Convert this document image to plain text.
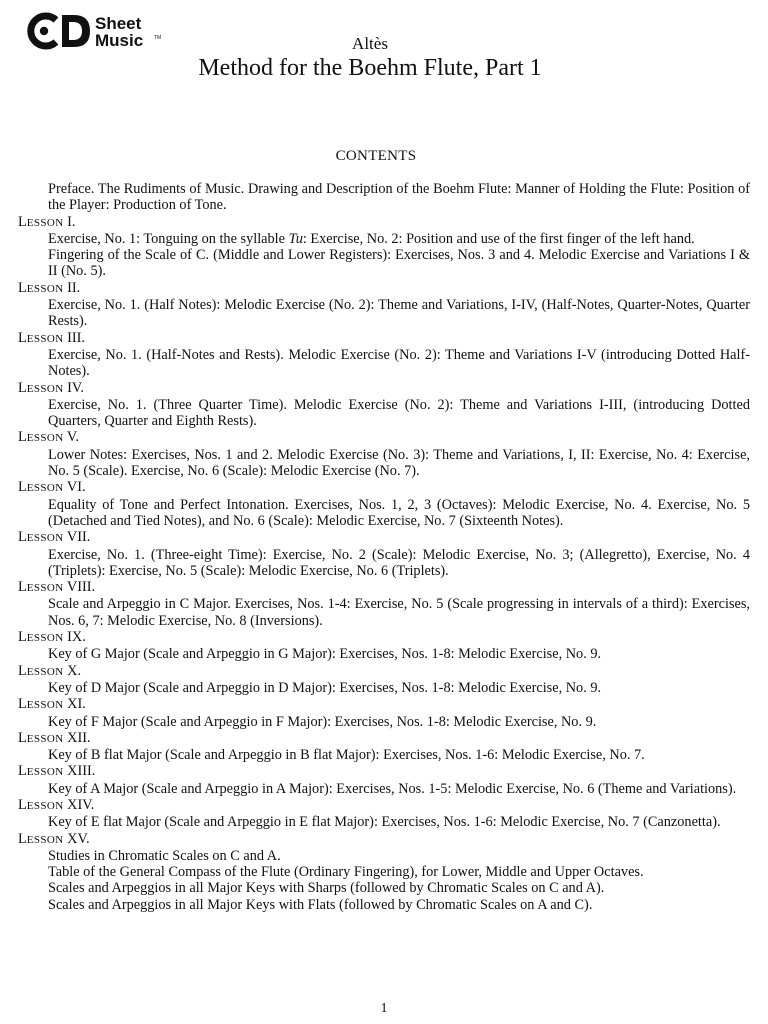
Sheet
Music TM	Altès
Method for the Boehm Flute, Part 1
CONTENTS
Preface. The Rudiments of Music. Drawing and Description of the Boehm Flute: Manner of Holding the Flute: Position of the Player: Production of Tone.
LESSON I.
Exercise, No. 1: Tonguing on the syllable Tu: Exercise, No. 2: Position and use of the first finger of the left hand.
Fingering of the Scale of C. (Middle and Lower Registers): Exercises, Nos. 3 and 4. Melodic Exercise and Variations I & II (No. 5).
LESSON II.
Exercise, No. 1. (Half Notes): Melodic Exercise (No. 2): Theme and Variations, I-IV, (Half-Notes, Quarter-Notes, Quarter Rests).
LESSON III.
Exercise, No. 1. (Half-Notes and Rests). Melodic Exercise (No. 2): Theme and Variations I-V (introducing Dotted Half-Notes).
LESSON IV.
Exercise, No. 1. (Three Quarter Time). Melodic Exercise (No. 2): Theme and Variations I-III, (introducing Dotted Quarters, Quarter and Eighth Rests).
LESSON V.
Lower Notes: Exercises, Nos. 1 and 2. Melodic Exercise (No. 3): Theme and Variations, I, II: Exercise, No. 4: Exercise, No. 5 (Scale). Exercise, No. 6 (Scale): Melodic Exercise (No. 7).
LESSON VI.
Equality of Tone and Perfect Intonation. Exercises, Nos. 1, 2, 3 (Octaves): Melodic Exercise, No. 4. Exercise, No. 5 (Detached and Tied Notes), and No. 6 (Scale): Melodic Exercise, No. 7 (Sixteenth Notes).
LESSON VII.
Exercise, No. 1. (Three-eight Time): Exercise, No. 2 (Scale): Melodic Exercise, No. 3; (Allegretto), Exercise, No. 4 (Triplets): Exercise, No. 5 (Scale): Melodic Exercise, No. 6 (Triplets).
LESSON VIII.
Scale and Arpeggio in C Major. Exercises, Nos. 1-4: Exercise, No. 5 (Scale progressing in intervals of a third): Exercises, Nos. 6, 7: Melodic Exercise, No. 8 (Inversions).
LESSON IX.
Key of G Major (Scale and Arpeggio in G Major): Exercises, Nos. 1-8: Melodic Exercise, No. 9.
LESSON X.
Key of D Major (Scale and Arpeggio in D Major): Exercises, Nos. 1-8: Melodic Exercise, No. 9.
LESSON XI.
Key of F Major (Scale and Arpeggio in F Major): Exercises, Nos. 1-8: Melodic Exercise, No. 9.
LESSON XII.
Key of B flat Major (Scale and Arpeggio in B flat Major): Exercises, Nos. 1-6: Melodic Exercise, No. 7.
LESSON XIII.
Key of A Major (Scale and Arpeggio in A Major): Exercises, Nos. 1-5: Melodic Exercise, No. 6 (Theme and Variations).
LESSON XIV.
Key of E flat Major (Scale and Arpeggio in E flat Major): Exercises, Nos. 1-6: Melodic Exercise, No. 7 (Canzonetta).
LESSON XV.
Studies in Chromatic Scales on C and A.
Table of the General Compass of the Flute (Ordinary Fingering), for Lower, Middle and Upper Octaves.
Scales and Arpeggios in all Major Keys with Sharps (followed by Chromatic Scales on C and A).
Scales and Arpeggios in all Major Keys with Flats (followed by Chromatic Scales on A and C).
1
